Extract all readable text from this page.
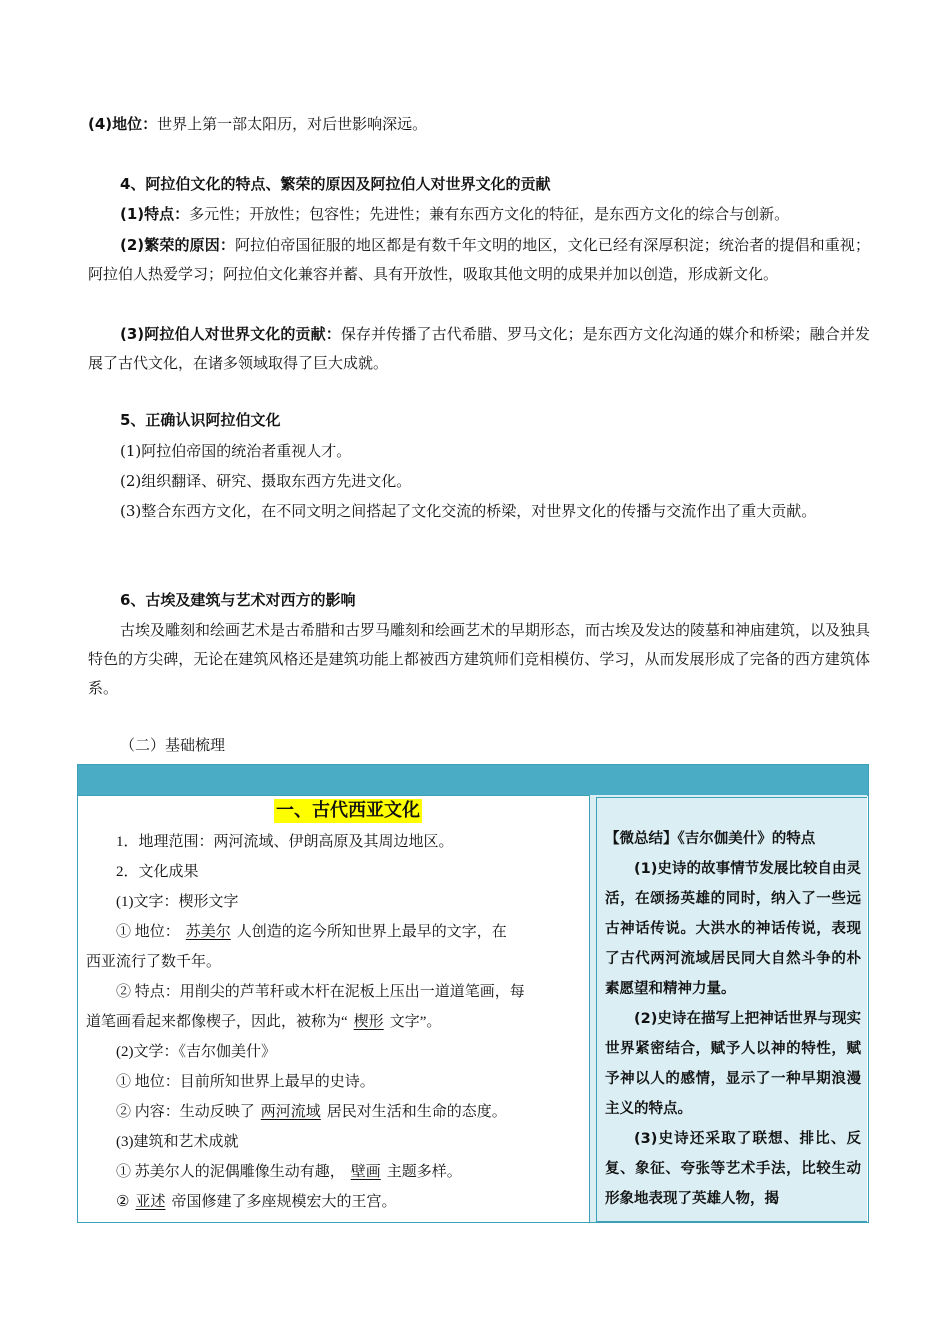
(4)地位：世界上第一部太阳历，对后世影响深远。
4、阿拉伯文化的特点、繁荣的原因及阿拉伯人对世界文化的贡献
(1)特点：多元性；开放性；包容性；先进性；兼有东西方文化的特征，是东西方文化的综合与创新。
(2)繁荣的原因：阿拉伯帝国征服的地区都是有数千年文明的地区，文化已经有深厚积淀；统治者的提倡和重视；阿拉伯人热爱学习；阿拉伯文化兼容并蓄、具有开放性，吸取其他文明的成果并加以创造，形成新文化。
(3)阿拉伯人对世界文化的贡献：保存并传播了古代希腊、罗马文化；是东西方文化沟通的媒介和桥梁；融合并发展了古代文化，在诸多领域取得了巨大成就。
5、正确认识阿拉伯文化
(1)阿拉伯帝国的统治者重视人才。
(2)组织翻译、研究、摄取东西方先进文化。
(3)整合东西方文化，在不同文明之间搭起了文化交流的桥梁，对世界文化的传播与交流作出了重大贡献。
6、古埃及建筑与艺术对西方的影响
古埃及雕刻和绘画艺术是古希腊和古罗马雕刻和绘画艺术的早期形态，而古埃及发达的陵墓和神庙建筑，以及独具特色的方尖碑，无论在建筑风格还是建筑功能上都被西方建筑师们竞相模仿、学习，从而发展形成了完备的西方建筑体系。
（二）基础梳理
一、古代西亚文化
1．地理范围：两河流域、伊朗高原及其周边地区。
2．文化成果
(1)文字：楔形文字
① 地位： 苏美尔 人创造的迄今所知世界上最早的文字，在
西亚流行了数千年。
② 特点：用削尖的芦苇秆或木杆在泥板上压出一道道笔画，每
道笔画看起来都像楔子，因此，被称为“ 楔形 文字”。
(2)文学：《吉尔伽美什》
① 地位：目前所知世界上最早的史诗。
② 内容：生动反映了 两河流域 居民对生活和生命的态度。
(3)建筑和艺术成就
① 苏美尔人的泥偶雕像生动有趣， 壁画 主题多样。
② 亚述 帝国修建了多座规模宏大的王宫。

【微总结】《吉尔伽美什》的特点

(1)史诗的故事情节发展比较自由灵活，在颂扬英雄的同时，纳入了一些远古神话传说。大洪水的神话传说，表现了古代两河流域居民同大自然斗争的朴素愿望和精神力量。

(2)史诗在描写上把神话世界与现实世界紧密结合，赋予人以神的特性，赋予神以人的感情，显示了一种早期浪漫主义的特点。

(3)史诗还采取了联想、排比、反复、象征、夸张等艺术手法，比较生动形象地表现了英雄人物，揭
